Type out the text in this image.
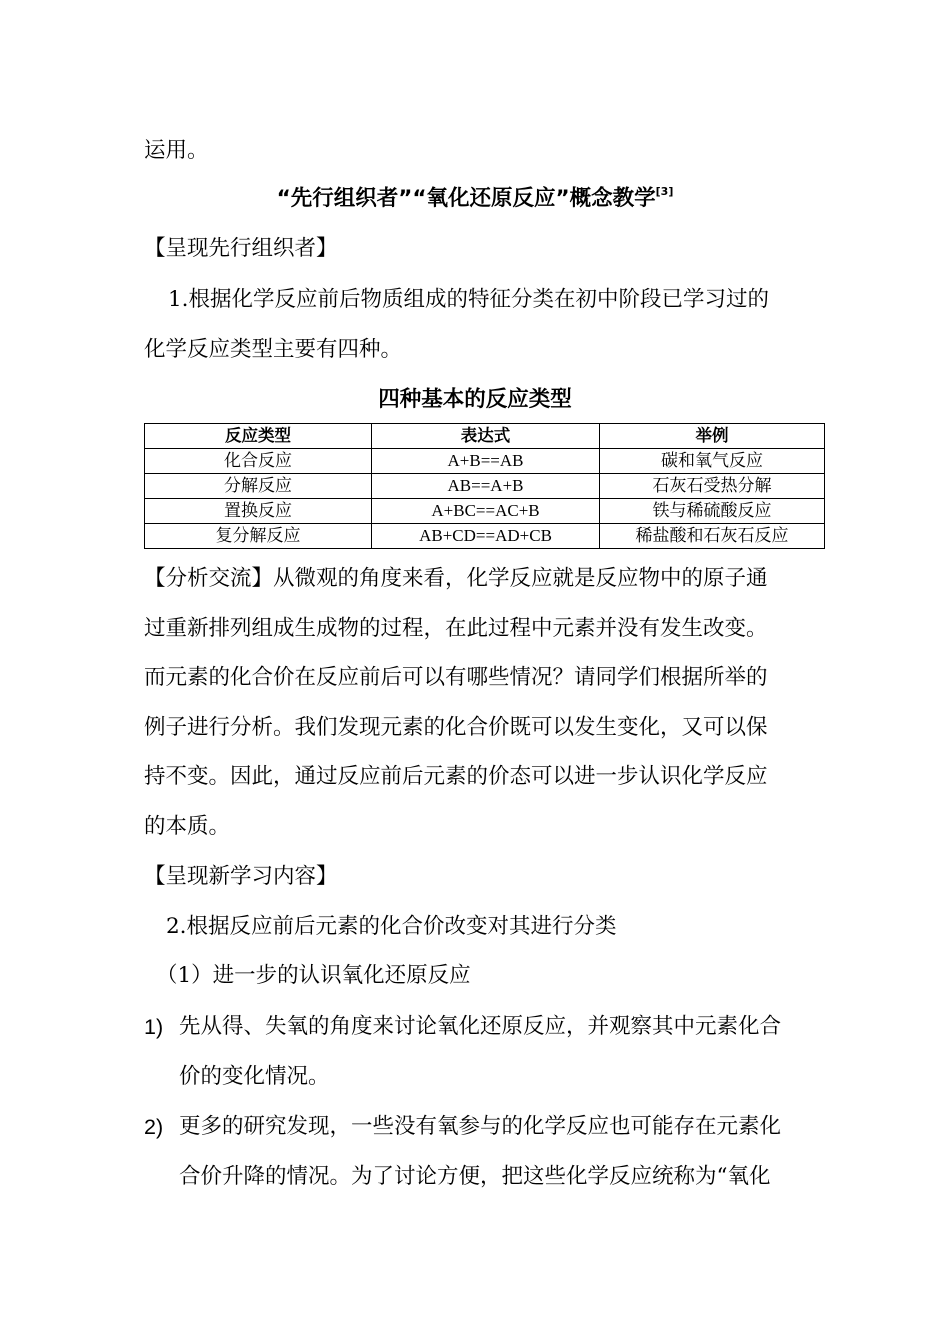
运用。
“先行组织者”“氧化还原反应”概念教学[3]
【呈现先行组织者】
1.根据化学反应前后物质组成的特征分类在初中阶段已学习过的
化学反应类型主要有四种。
四种基本的反应类型
反应类型	表达式	举例
化合反应	A+B==AB	碳和氧气反应
分解反应	AB==A+B	石灰石受热分解
置换反应	A+BC==AC+B	铁与稀硫酸反应
复分解反应	AB+CD==AD+CB	稀盐酸和石灰石反应
【分析交流】从微观的角度来看，化学反应就是反应物中的原子通
过重新排列组成生成物的过程，在此过程中元素并没有发生改变。
而元素的化合价在反应前后可以有哪些情况？请同学们根据所举的
例子进行分析。我们发现元素的化合价既可以发生变化，又可以保
持不变。因此，通过反应前后元素的价态可以进一步认识化学反应
的本质。
【呈现新学习内容】
2.根据反应前后元素的化合价改变对其进行分类
（1）进一步的认识氧化还原反应
1) 先从得、失氧的角度来讨论氧化还原反应，并观察其中元素化合
价的变化情况。
2) 更多的研究发现，一些没有氧参与的化学反应也可能存在元素化
合价升降的情况。为了讨论方便，把这些化学反应统称为“氧化
